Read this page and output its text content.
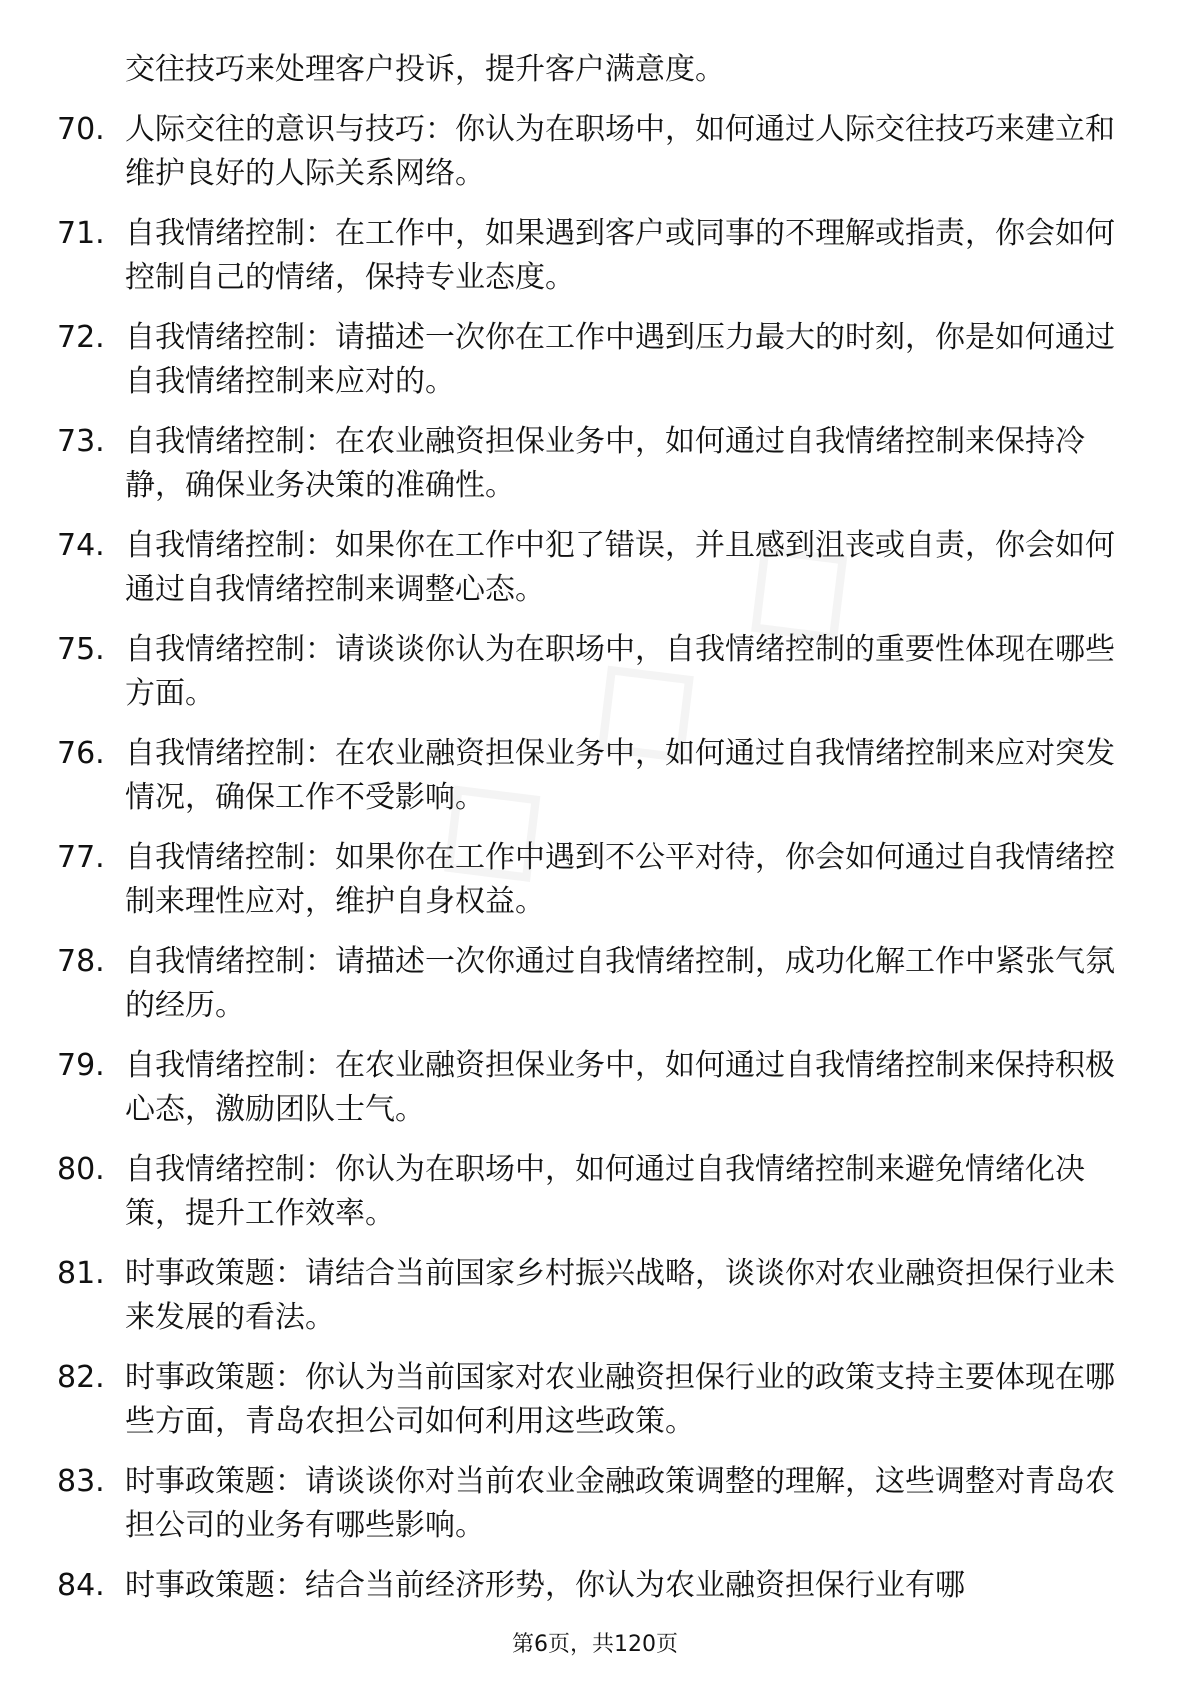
交往技巧来处理客户投诉，提升客户满意度。
70. 人际交往的意识与技巧：你认为在职场中，如何通过人际交往技巧来建立和维护良好的人际关系网络。
71. 自我情绪控制：在工作中，如果遇到客户或同事的不理解或指责，你会如何控制自己的情绪，保持专业态度。
72. 自我情绪控制：请描述一次你在工作中遇到压力最大的时刻，你是如何通过自我情绪控制来应对的。
73. 自我情绪控制：在农业融资担保业务中，如何通过自我情绪控制来保持冷静，确保业务决策的准确性。
74. 自我情绪控制：如果你在工作中犯了错误，并且感到沮丧或自责，你会如何通过自我情绪控制来调整心态。
75. 自我情绪控制：请谈谈你认为在职场中，自我情绪控制的重要性体现在哪些方面。
76. 自我情绪控制：在农业融资担保业务中，如何通过自我情绪控制来应对突发情况，确保工作不受影响。
77. 自我情绪控制：如果你在工作中遇到不公平对待，你会如何通过自我情绪控制来理性应对，维护自身权益。
78. 自我情绪控制：请描述一次你通过自我情绪控制，成功化解工作中紧张气氛的经历。
79. 自我情绪控制：在农业融资担保业务中，如何通过自我情绪控制来保持积极心态，激励团队士气。
80. 自我情绪控制：你认为在职场中，如何通过自我情绪控制来避免情绪化决策，提升工作效率。
81. 时事政策题：请结合当前国家乡村振兴战略，谈谈你对农业融资担保行业未来发展的看法。
82. 时事政策题：你认为当前国家对农业融资担保行业的政策支持主要体现在哪些方面，青岛农担公司如何利用这些政策。
83. 时事政策题：请谈谈你对当前农业金融政策调整的理解，这些调整对青岛农担公司的业务有哪些影响。
84. 时事政策题：结合当前经济形势，你认为农业融资担保行业有哪
第6页，共120页
